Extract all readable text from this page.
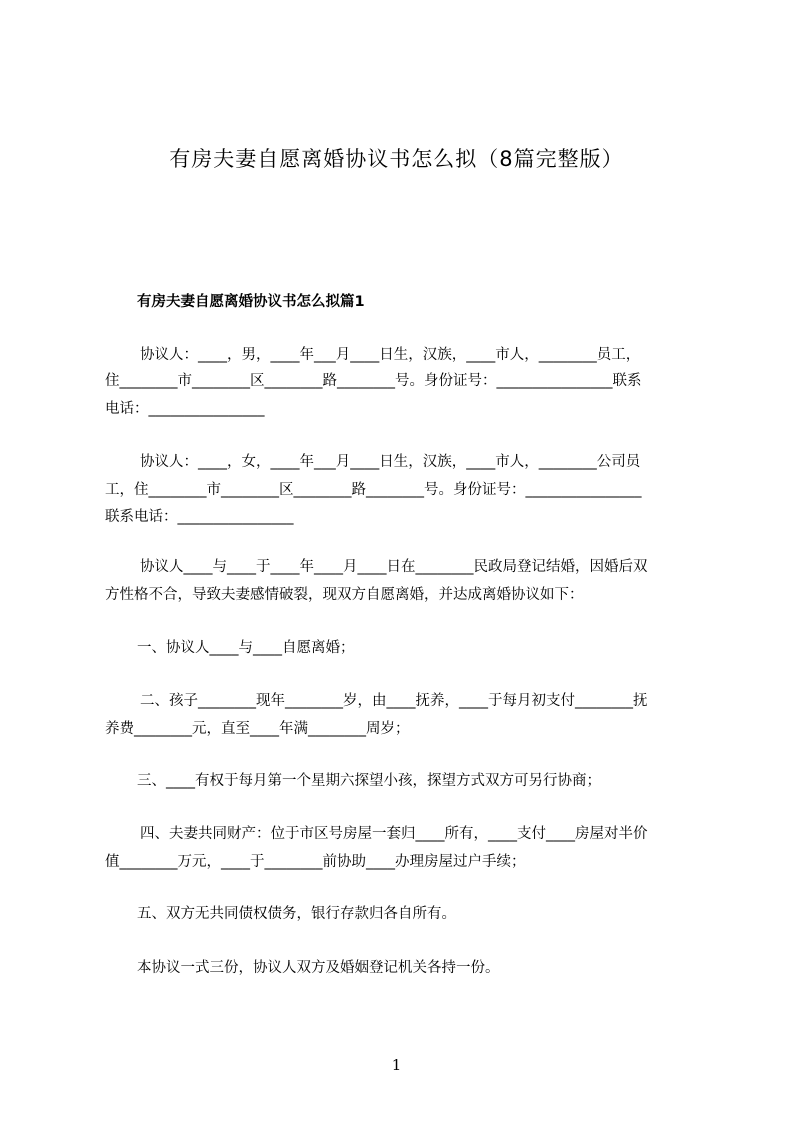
有房夫妻自愿离婚协议书怎么拟（8篇完整版）
有房夫妻自愿离婚协议书怎么拟篇1
协议人：____，男，____年___月____日生，汉族，____市人，________员工，
住________市________区________路________号。身份证号：________________联系
电话：________________
协议人：____，女，____年___月____日生，汉族，____市人，________公司员
工，住________市________区________路________号。身份证号：________________
联系电话：________________
协议人____与____于____年____月____日在________民政局登记结婚，因婚后双
方性格不合，导致夫妻感情破裂，现双方自愿离婚，并达成离婚协议如下：
一、协议人____与____自愿离婚；
二、孩子________现年________岁，由____抚养，____于每月初支付________抚
养费________元，直至____年满________周岁；
三、____有权于每月第一个星期六探望小孩，探望方式双方可另行协商；
四、夫妻共同财产：位于市区号房屋一套归____所有，____支付____房屋对半价
值________万元，____于________前协助____办理房屋过户手续；
五、双方无共同债权债务，银行存款归各自所有。
本协议一式三份，协议人双方及婚姻登记机关各持一份。
1
